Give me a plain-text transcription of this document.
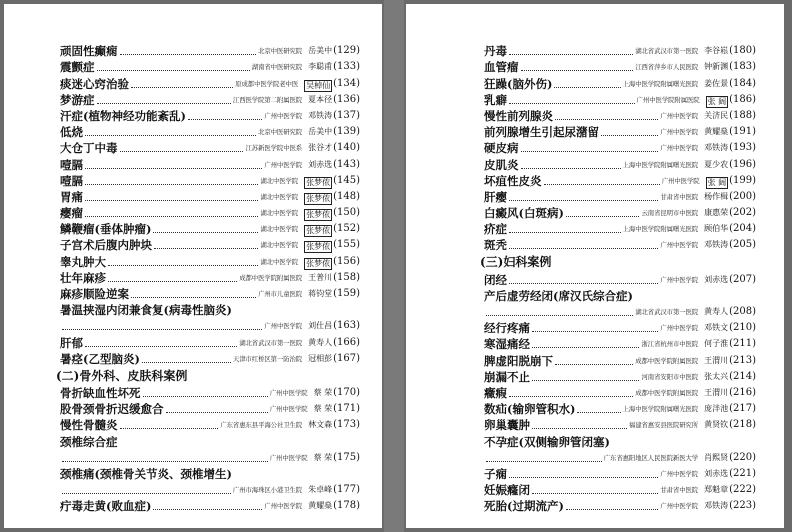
顽固性癫痫	北京中医研究院 岳美中 (129)
震颤症	湖南省中医研究院 李聪甫 (133)
痰迷心窍治验	原成都中医学院老中医 吴棹仙 (134)
梦游症	江西医学院第二附属医院 夏本径 (136)
汗症(植物神经功能紊乱)	广州中医学院 邓铁涛 (137)
低烧	北京中医研究院 岳美中 (139)
大仓丁中毒	江苏新医学院中医系 张谷才 (140)
噎膈	广州中医学院 刘赤选 (143)
噎膈	湖北中医学院 张梦侬 (145)
胃痛	湖北中医学院 张梦侬 (148)
瘿瘤	湖北中医学院 张梦侬 (150)
鳞鞭瘤(垂体肿瘤)	湖北中医学院 张梦侬 (152)
子宫术后腹内肿块	湖北中医学院 张梦侬 (155)
睾丸肿大	湖北中医学院 张梦侬 (156)
壮年麻疹	成都中医学院附属医院 王普川 (158)
麻疹顺险逆案	广州市儿童医院 蒋钧堂 (159)
暑温挟湿内闭兼食复(病毒性脑炎)
广州中医学院 刘仕昌 (163)
肝郁	湖北省武汉市第一医院 黄寿人 (166)
暑痉(乙型脑炎)	天津市红桥区第一防治院 冠相彭 (167)
(二)骨外科、皮肤科案例
骨折缺血性坏死	广州中医学院 蔡 荣 (170)
股骨颈骨折迟缓愈合	广州中医学院 蔡 荣 (171)
慢性骨髓炎	广东省惠东县平海公社卫生院 林文森 (173)
颈椎综合症
广州中医学院 蔡 荣 (175)
颈椎痛(颈椎骨关节炎、颈椎增生)
广州市海珠区小港卫生院 朱卓峰 (177)
疔毒走黄(败血症)	广州中医学院 黄耀燊 (178)
丹毒	湖北省武汉市第一医院 李谷崧 (180)
血管瘤	江西省萍乡市人民医院 钟新渊 (183)
狂躁(脑外伤)	上海中医学院附属曙光医院 姜佐景 (184)
乳癖	广州中医学院附属医院 张 阔 (186)
慢性前列腺炎	广州中医学院 关济民 (188)
前列腺增生引起尿潴留	广州中医学院 黄耀燊 (191)
硬皮病	广州中医学院 邓铁涛 (193)
皮肌炎	上海中医学院附属曙光医院 夏少农 (196)
坏疽性皮炎	广州中医学院 张 阔 (199)
肝瘿	甘肃省中医院 杨作楫 (200)
白癜风(白斑病)	云南省昆明市中医院 康惠荣 (202)
疥症	上海中医学院附属曙光医院 顾伯华 (204)
斑秃	广州中医学院 邓铁涛 (205)
(三)妇科案例
闭经	广州中医学院 刘赤选 (207)
产后虚劳经闭(席汉氏综合症)
湖北省武汉市第一医院 黄寿人 (208)
经行疼痛	广州中医学院 邓铁文 (210)
寒湿痛经	浙江省杭州市中医院 何子淮 (211)
脾虚阳脱崩下	成都中医学院附属医院 王渭川 (213)
崩漏不止	河南省安阳市中医院 张太兴 (214)
癥瘕	成都中医学院附属医院 王渭川 (216)
数疝(输卵管积水)	上海中医学院附属曙光医院 庞泮池 (217)
卵巢囊肿	福建省惠安县医院研究所 黄贤钦 (218)
不孕症(双侧输卵管闭塞)
广东省惠阳地区人民医院新医大学 肖熙贤 (220)
子痫	广州中医学院 刘赤选 (221)
妊娠癃闭	甘肃省中医院 郑魁章 (222)
死胎(过期流产)	广州中医学院 邓铁涛 (223)
